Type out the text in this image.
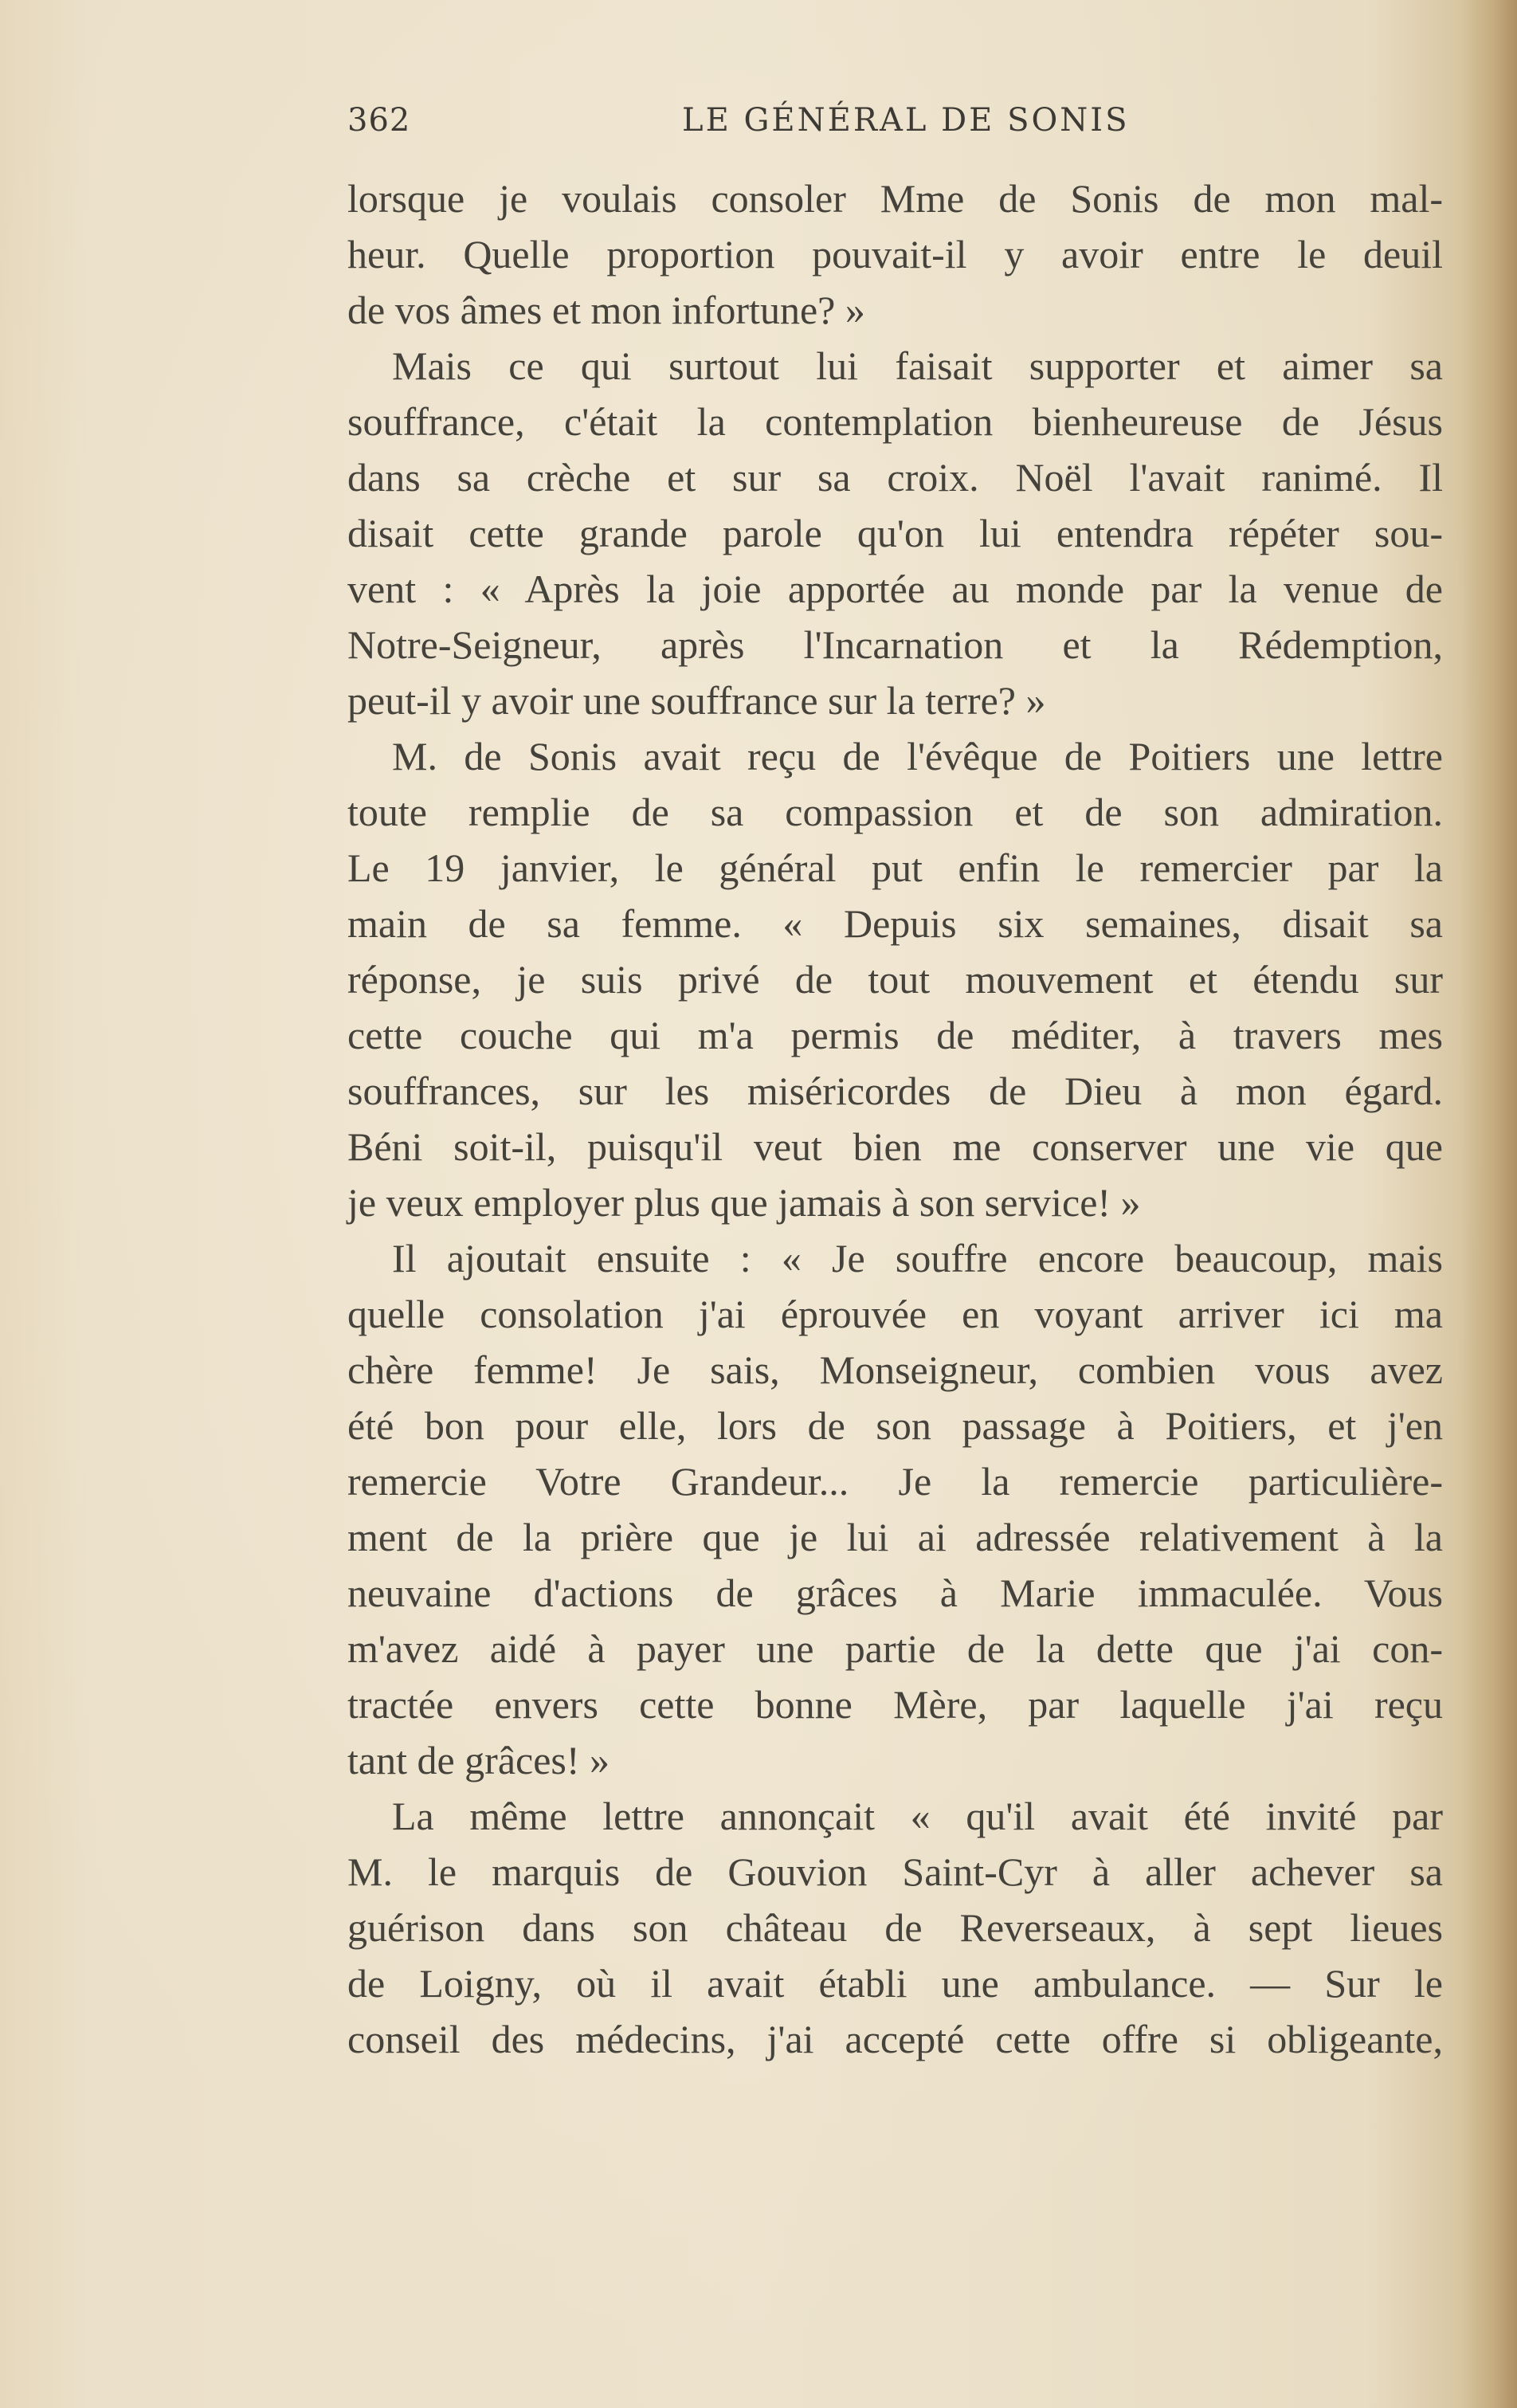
362	LE GÉNÉRAL DE SONIS
lorsque je voulais consoler Mme de Sonis de mon mal-
heur. Quelle proportion pouvait-il y avoir entre le deuil
de vos âmes et mon infortune? »
Mais ce qui surtout lui faisait supporter et aimer sa
souffrance, c'était la contemplation bienheureuse de Jésus
dans sa crèche et sur sa croix. Noël l'avait ranimé. Il
disait cette grande parole qu'on lui entendra répéter sou-
vent : « Après la joie apportée au monde par la venue de
Notre-Seigneur, après l'Incarnation et la Rédemption,
peut-il y avoir une souffrance sur la terre? »
M. de Sonis avait reçu de l'évêque de Poitiers une lettre
toute remplie de sa compassion et de son admiration.
Le 19 janvier, le général put enfin le remercier par la
main de sa femme. « Depuis six semaines, disait sa
réponse, je suis privé de tout mouvement et étendu sur
cette couche qui m'a permis de méditer, à travers mes
souffrances, sur les miséricordes de Dieu à mon égard.
Béni soit-il, puisqu'il veut bien me conserver une vie que
je veux employer plus que jamais à son service! »
Il ajoutait ensuite : « Je souffre encore beaucoup, mais
quelle consolation j'ai éprouvée en voyant arriver ici ma
chère femme! Je sais, Monseigneur, combien vous avez
été bon pour elle, lors de son passage à Poitiers, et j'en
remercie Votre Grandeur... Je la remercie particulière-
ment de la prière que je lui ai adressée relativement à la
neuvaine d'actions de grâces à Marie immaculée. Vous
m'avez aidé à payer une partie de la dette que j'ai con-
tractée envers cette bonne Mère, par laquelle j'ai reçu
tant de grâces! »
La même lettre annonçait « qu'il avait été invité par
M. le marquis de Gouvion Saint-Cyr à aller achever sa
guérison dans son château de Reverseaux, à sept lieues
de Loigny, où il avait établi une ambulance. — Sur le
conseil des médecins, j'ai accepté cette offre si obligeante,
